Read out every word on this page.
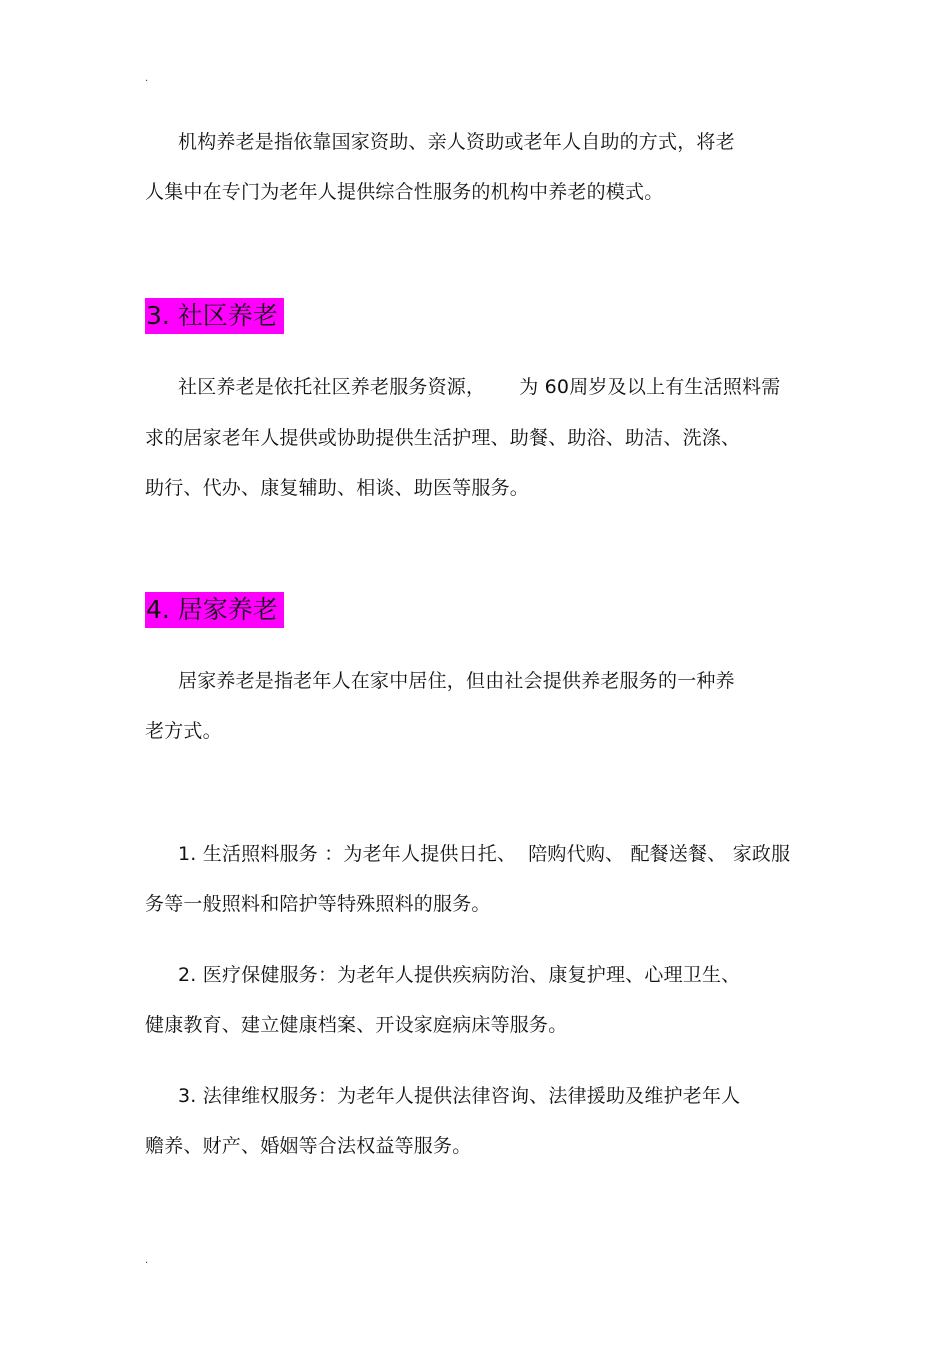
.
机构养老是指依靠国家资助、亲人资助或老年人自助的方式，将老
人集中在专门为老年人提供综合性服务的机构中养老的模式。
3. 社区养老
社区养老是依托社区养老服务资源， 为 60周岁及以上有生活照料需
求的居家老年人提供或协助提供生活护理、助餐、助浴、助洁、洗涤、
助行、代办、康复辅助、相谈、助医等服务。
4. 居家养老
居家养老是指老年人在家中居住，但由社会提供养老服务的一种养
老方式。
1. 生活照料服务 ：为老年人提供日托、 陪购代购、 配餐送餐、 家政服
务等一般照料和陪护等特殊照料的服务。
2. 医疗保健服务：为老年人提供疾病防治、康复护理、心理卫生、
健康教育、建立健康档案、开设家庭病床等服务。
3. 法律维权服务：为老年人提供法律咨询、法律援助及维护老年人
赡养、财产、婚姻等合法权益等服务。
.
